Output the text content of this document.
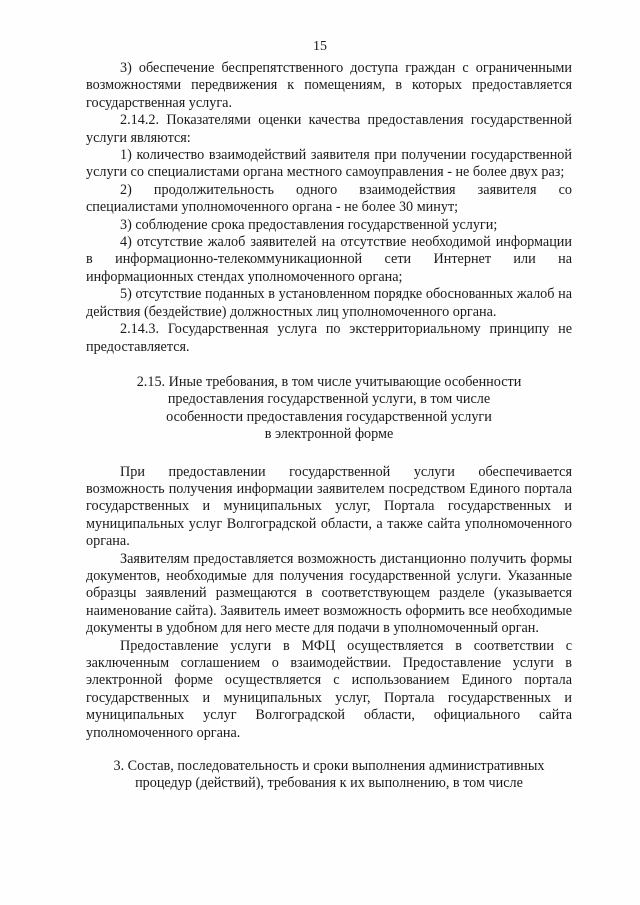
15

3) обеспечение беспрепятственного доступа граждан с ограниченными возможностями передвижения к помещениям, в которых предоставляется государственная услуга.

2.14.2. Показателями оценки качества предоставления государственной услуги являются:

1) количество взаимодействий заявителя при получении государственной услуги со специалистами органа местного самоуправления - не более двух раз;

2) продолжительность одного взаимодействия заявителя со специалистами уполномоченного органа - не более 30 минут;

3) соблюдение срока предоставления государственной услуги;

4) отсутствие жалоб заявителей на отсутствие необходимой информации в информационно-телекоммуникационной сети Интернет или на информационных стендах уполномоченного органа;

5) отсутствие поданных в установленном порядке обоснованных жалоб на действия (бездействие) должностных лиц уполномоченного органа.

2.14.3. Государственная услуга по экстерриториальному принципу не предоставляется.

2.15. Иные требования, в том числе учитывающие особенности

предоставления государственной услуги, в том числе

особенности предоставления государственной услуги

в электронной форме

При предоставлении государственной услуги обеспечивается возможность получения информации заявителем посредством Единого портала государственных и муниципальных услуг, Портала государственных и муниципальных услуг Волгоградской области, а также сайта уполномоченного органа.

Заявителям предоставляется возможность дистанционно получить формы документов, необходимые для получения государственной услуги. Указанные образцы заявлений размещаются в соответствующем разделе (указывается наименование сайта). Заявитель имеет возможность оформить все необходимые документы в удобном для него месте для подачи в уполномоченный орган.

Предоставление услуги в МФЦ осуществляется в соответствии с заключенным соглашением о взаимодействии. Предоставление услуги в электронной форме осуществляется с использованием Единого портала государственных и муниципальных услуг, Портала государственных и муниципальных услуг Волгоградской области, официального сайта уполномоченного органа.

3. Состав, последовательность и сроки выполнения административных

процедур (действий), требования к их выполнению, в том числе
